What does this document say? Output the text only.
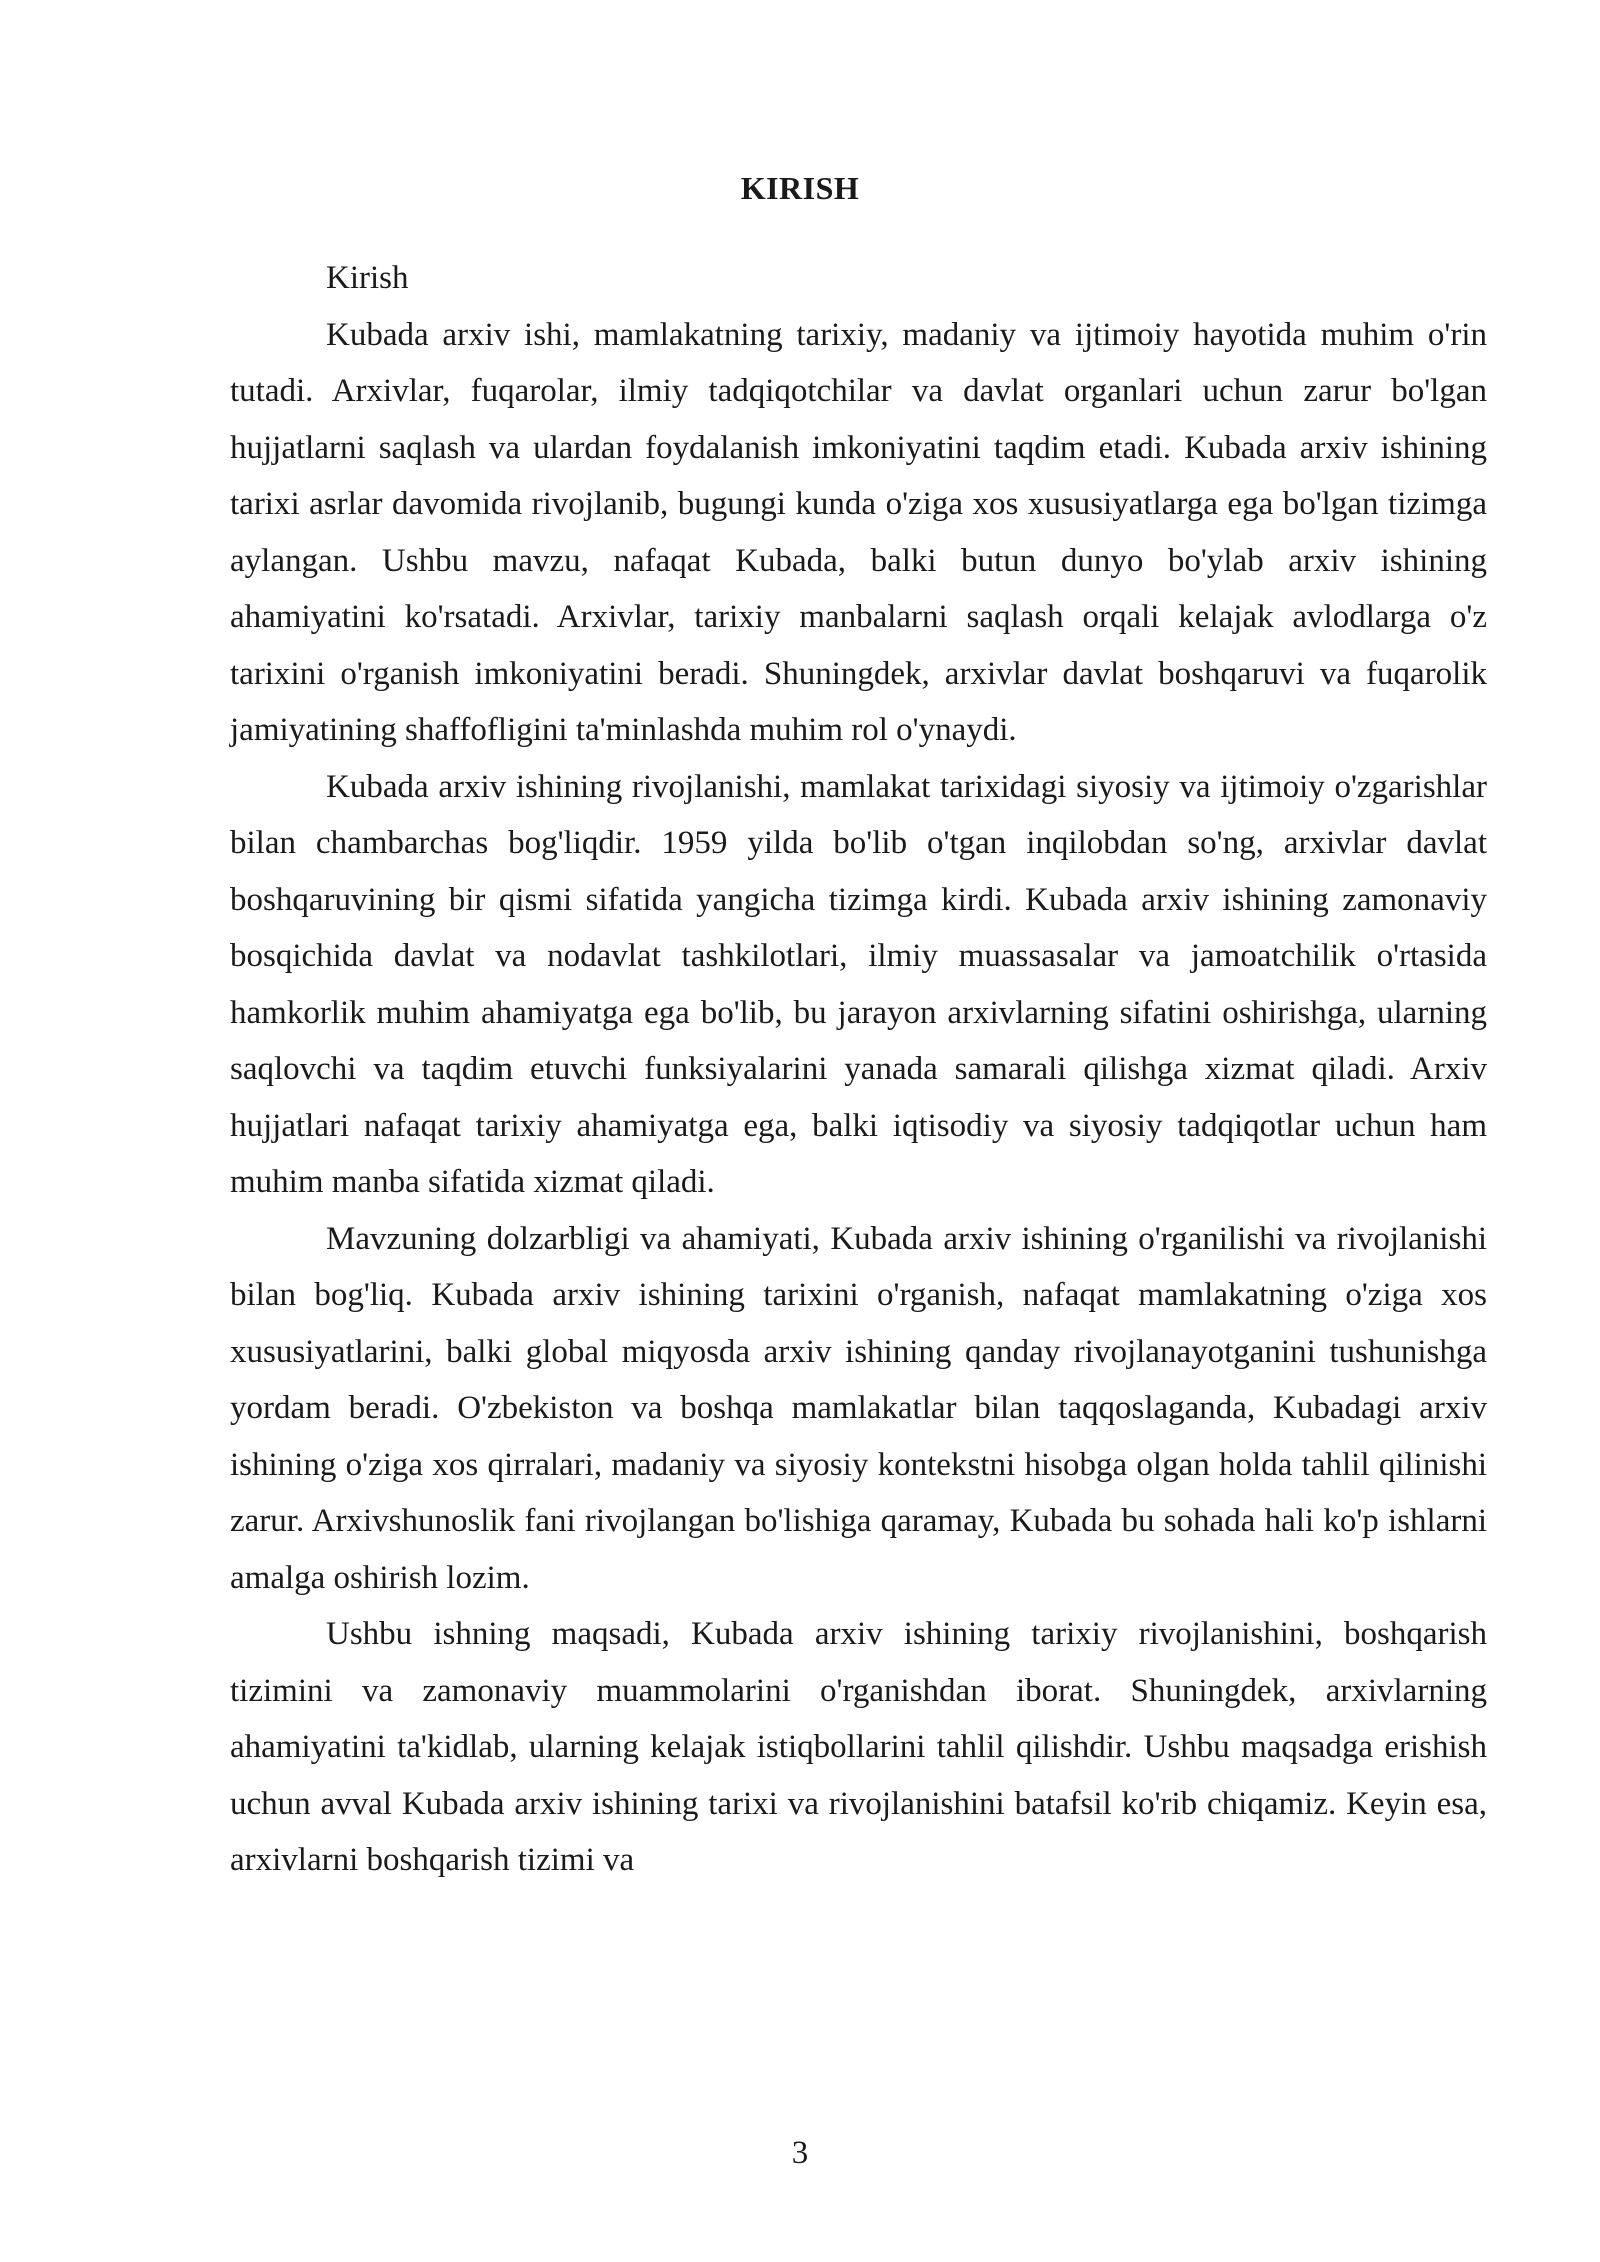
KIRISH

Kirish

Kubada arxiv ishi, mamlakatning tarixiy, madaniy va ijtimoiy hayotida muhim o'rin tutadi. Arxivlar, fuqarolar, ilmiy tadqiqotchilar va davlat organlari uchun zarur bo'lgan hujjatlarni saqlash va ulardan foydalanish imkoniyatini taqdim etadi. Kubada arxiv ishining tarixi asrlar davomida rivojlanib, bugungi kunda o'ziga xos xususiyatlarga ega bo'lgan tizimga aylangan. Ushbu mavzu, nafaqat Kubada, balki butun dunyo bo'ylab arxiv ishining ahamiyatini ko'rsatadi. Arxivlar, tarixiy manbalarni saqlash orqali kelajak avlodlarga o'z tarixini o'rganish imkoniyatini beradi. Shuningdek, arxivlar davlat boshqaruvi va fuqarolik jamiyatining shaffofligini ta'minlashda muhim rol o'ynaydi.

Kubada arxiv ishining rivojlanishi, mamlakat tarixidagi siyosiy va ijtimoiy o'zgarishlar bilan chambarchas bog'liqdir. 1959 yilda bo'lib o'tgan inqilobdan so'ng, arxivlar davlat boshqaruvining bir qismi sifatida yangicha tizimga kirdi. Kubada arxiv ishining zamonaviy bosqichida davlat va nodavlat tashkilotlari, ilmiy muassasalar va jamoatchilik o'rtasida hamkorlik muhim ahamiyatga ega bo'lib, bu jarayon arxivlarning sifatini oshirishga, ularning saqlovchi va taqdim etuvchi funksiyalarini yanada samarali qilishga xizmat qiladi. Arxiv hujjatlari nafaqat tarixiy ahamiyatga ega, balki iqtisodiy va siyosiy tadqiqotlar uchun ham muhim manba sifatida xizmat qiladi.

Mavzuning dolzarbligi va ahamiyati, Kubada arxiv ishining o'rganilishi va rivojlanishi bilan bog'liq. Kubada arxiv ishining tarixini o'rganish, nafaqat mamlakatning o'ziga xos xususiyatlarini, balki global miqyosda arxiv ishining qanday rivojlanayotganini tushunishga yordam beradi. O'zbekiston va boshqa mamlakatlar bilan taqqoslaganda, Kubadagi arxiv ishining o'ziga xos qirralari, madaniy va siyosiy kontekstni hisobga olgan holda tahlil qilinishi zarur. Arxivshunoslik fani rivojlangan bo'lishiga qaramay, Kubada bu sohada hali ko'p ishlarni amalga oshirish lozim.

Ushbu ishning maqsadi, Kubada arxiv ishining tarixiy rivojlanishini, boshqarish tizimini va zamonaviy muammolarini o'rganishdan iborat. Shuningdek, arxivlarning ahamiyatini ta'kidlab, ularning kelajak istiqbollarini tahlil qilishdir. Ushbu maqsadga erishish uchun avval Kubada arxiv ishining tarixi va rivojlanishini batafsil ko'rib chiqamiz. Keyin esa, arxivlarni boshqarish tizimi va

3
